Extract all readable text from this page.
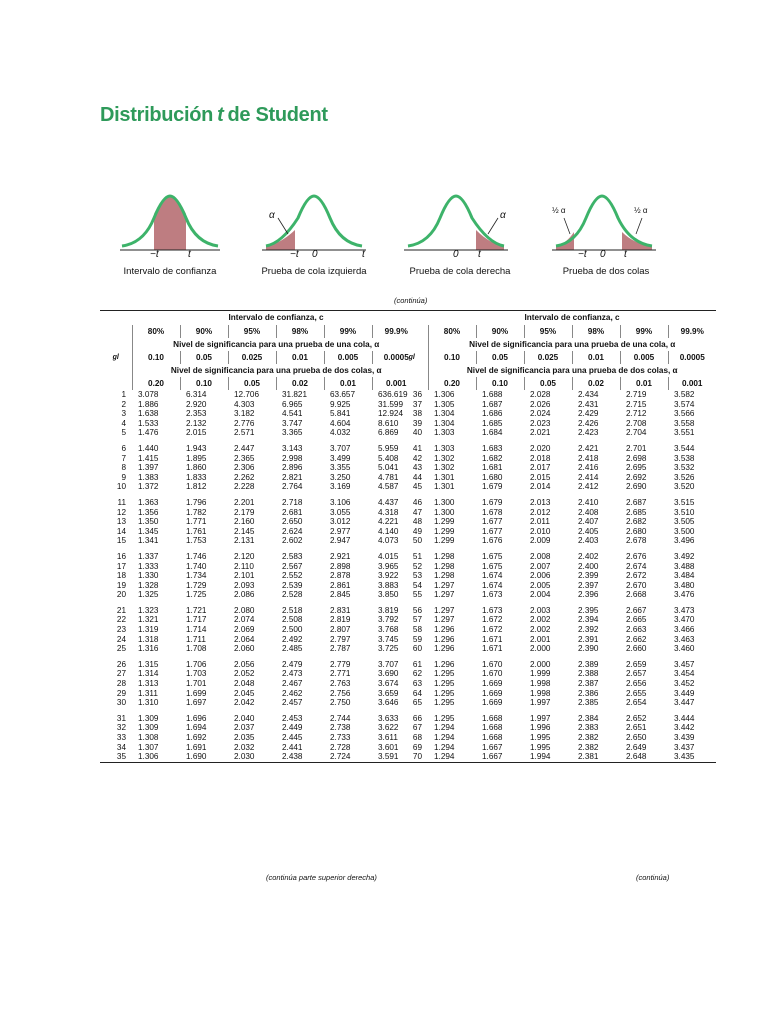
Distribución t de Student
−t	t
Intervalo de confianza
α
−t 0	t
Prueba de cola izquierda
α
0 t
Prueba de cola derecha
½ α	½ α
−t 0 t
Prueba de dos colas
(continúa)
	Intervalo de confianza, c					
	80%	90%	95%	98%	99%	99.9%
	Nivel de significancia para una prueba de una cola, α					
gl	0.10	0.05	0.025	0.01	0.005	0.0005
	Nivel de significancia para una prueba de dos colas, α					
	0.20	0.10	0.05	0.02	0.01	0.001
1	3.078	6.314	12.706	31.821	63.657	636.619
2	1.886	2.920	4.303	6.965	9.925	31.599
3	1.638	2.353	3.182	4.541	5.841	12.924
4	1.533	2.132	2.776	3.747	4.604	8.610
5	1.476	2.015	2.571	3.365	4.032	6.869

6	1.440	1.943	2.447	3.143	3.707	5.959
7	1.415	1.895	2.365	2.998	3.499	5.408
8	1.397	1.860	2.306	2.896	3.355	5.041
9	1.383	1.833	2.262	2.821	3.250	4.781
10	1.372	1.812	2.228	2.764	3.169	4.587

11	1.363	1.796	2.201	2.718	3.106	4.437
12	1.356	1.782	2.179	2.681	3.055	4.318
13	1.350	1.771	2.160	2.650	3.012	4.221
14	1.345	1.761	2.145	2.624	2.977	4.140
15	1.341	1.753	2.131	2.602	2.947	4.073

16	1.337	1.746	2.120	2.583	2.921	4.015
17	1.333	1.740	2.110	2.567	2.898	3.965
18	1.330	1.734	2.101	2.552	2.878	3.922
19	1.328	1.729	2.093	2.539	2.861	3.883
20	1.325	1.725	2.086	2.528	2.845	3.850

21	1.323	1.721	2.080	2.518	2.831	3.819
22	1.321	1.717	2.074	2.508	2.819	3.792
23	1.319	1.714	2.069	2.500	2.807	3.768
24	1.318	1.711	2.064	2.492	2.797	3.745
25	1.316	1.708	2.060	2.485	2.787	3.725

26	1.315	1.706	2.056	2.479	2.779	3.707
27	1.314	1.703	2.052	2.473	2.771	3.690
28	1.313	1.701	2.048	2.467	2.763	3.674
29	1.311	1.699	2.045	2.462	2.756	3.659
30	1.310	1.697	2.042	2.457	2.750	3.646

31	1.309	1.696	2.040	2.453	2.744	3.633
32	1.309	1.694	2.037	2.449	2.738	3.622
33	1.308	1.692	2.035	2.445	2.733	3.611
34	1.307	1.691	2.032	2.441	2.728	3.601
35	1.306	1.690	2.030	2.438	2.724	3.591
	Intervalo de confianza, c					
	80%	90%	95%	98%	99%	99.9%
	Nivel de significancia para una prueba de una cola, α					
gl	0.10	0.05	0.025	0.01	0.005	0.0005
	Nivel de significancia para una prueba de dos colas, α					
	0.20	0.10	0.05	0.02	0.01	0.001
36	1.306	1.688	2.028	2.434	2.719	3.582
37	1.305	1.687	2.026	2.431	2.715	3.574
38	1.304	1.686	2.024	2.429	2.712	3.566
39	1.304	1.685	2.023	2.426	2.708	3.558
40	1.303	1.684	2.021	2.423	2.704	3.551

41	1.303	1.683	2.020	2.421	2.701	3.544
42	1.302	1.682	2.018	2.418	2.698	3.538
43	1.302	1.681	2.017	2.416	2.695	3.532
44	1.301	1.680	2.015	2.414	2.692	3.526
45	1.301	1.679	2.014	2.412	2.690	3.520

46	1.300	1.679	2.013	2.410	2.687	3.515
47	1.300	1.678	2.012	2.408	2.685	3.510
48	1.299	1.677	2.011	2.407	2.682	3.505
49	1.299	1.677	2.010	2.405	2.680	3.500
50	1.299	1.676	2.009	2.403	2.678	3.496

51	1.298	1.675	2.008	2.402	2.676	3.492
52	1.298	1.675	2.007	2.400	2.674	3.488
53	1.298	1.674	2.006	2.399	2.672	3.484
54	1.297	1.674	2.005	2.397	2.670	3.480
55	1.297	1.673	2.004	2.396	2.668	3.476

56	1.297	1.673	2.003	2.395	2.667	3.473
57	1.297	1.672	2.002	2.394	2.665	3.470
58	1.296	1.672	2.002	2.392	2.663	3.466
59	1.296	1.671	2.001	2.391	2.662	3.463
60	1.296	1.671	2.000	2.390	2.660	3.460

61	1.296	1.670	2.000	2.389	2.659	3.457
62	1.295	1.670	1.999	2.388	2.657	3.454
63	1.295	1.669	1.998	2.387	2.656	3.452
64	1.295	1.669	1.998	2.386	2.655	3.449
65	1.295	1.669	1.997	2.385	2.654	3.447

66	1.295	1.668	1.997	2.384	2.652	3.444
67	1.294	1.668	1.996	2.383	2.651	3.442
68	1.294	1.668	1.995	2.382	2.650	3.439
69	1.294	1.667	1.995	2.382	2.649	3.437
70	1.294	1.667	1.994	2.381	2.648	3.435
(continúa parte superior derecha)	(continúa)
